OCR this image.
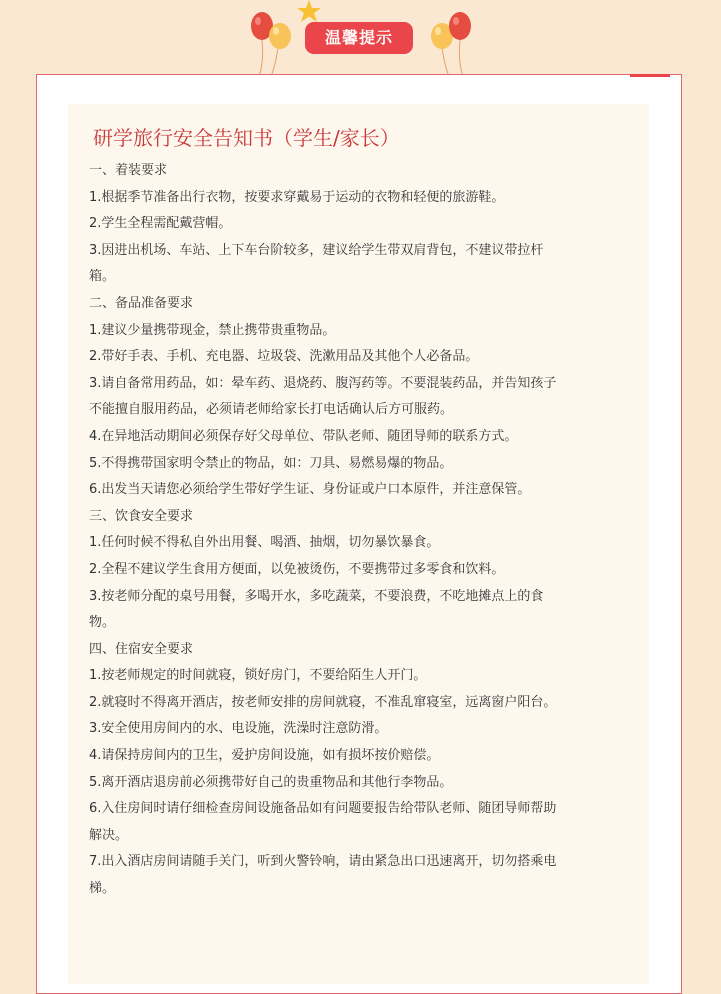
温馨提示
研学旅行安全告知书（学生/家长）
一、着装要求
1.根据季节准备出行衣物，按要求穿戴易于运动的衣物和轻便的旅游鞋。
2.学生全程需配戴营帽。
3.因进出机场、车站、上下车台阶较多，建议给学生带双肩背包，不建议带拉杆
箱。
二、备品准备要求
1.建议少量携带现金，禁止携带贵重物品。
2.带好手表、手机、充电器、垃圾袋、洗漱用品及其他个人必备品。
3.请自备常用药品，如：晕车药、退烧药、腹泻药等。不要混装药品，并告知孩子
不能擅自服用药品，必须请老师给家长打电话确认后方可服药。
4.在异地活动期间必须保存好父母单位、带队老师、随团导师的联系方式。
5.不得携带国家明令禁止的物品，如：刀具、易燃易爆的物品。
6.出发当天请您必须给学生带好学生证、身份证或户口本原件，并注意保管。
三、饮食安全要求
1.任何时候不得私自外出用餐、喝酒、抽烟，切勿暴饮暴食。
2.全程不建议学生食用方便面，以免被烫伤，不要携带过多零食和饮料。
3.按老师分配的桌号用餐，多喝开水，多吃蔬菜，不要浪费，不吃地摊点上的食
物。
四、住宿安全要求
1.按老师规定的时间就寝，锁好房门，不要给陌生人开门。
2.就寝时不得离开酒店，按老师安排的房间就寝，不准乱窜寝室，远离窗户阳台。
3.安全使用房间内的水、电设施，洗澡时注意防滑。
4.请保持房间内的卫生，爱护房间设施，如有损坏按价赔偿。
5.离开酒店退房前必须携带好自己的贵重物品和其他行李物品。
6.入住房间时请仔细检查房间设施备品如有问题要报告给带队老师、随团导师帮助
解决。
7.出入酒店房间请随手关门，听到火警铃响，请由紧急出口迅速离开，切勿搭乘电
梯。
